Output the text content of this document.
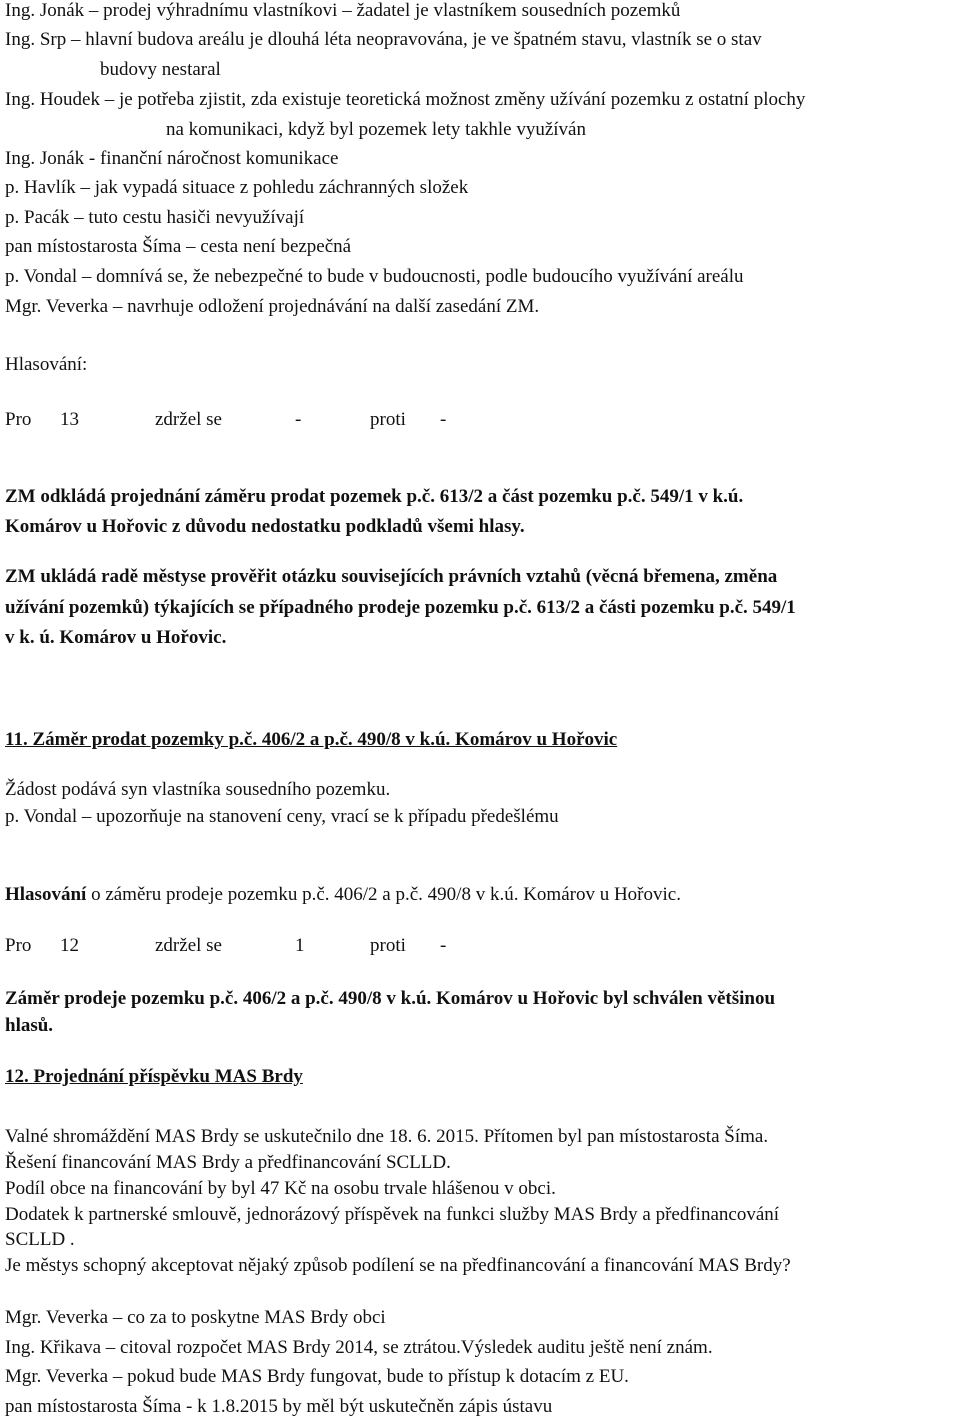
Ing. Jonák – prodej výhradnímu vlastníkovi – žadatel je vlastníkem sousedních pozemků
Ing. Srp – hlavní budova areálu je dlouhá léta neopravována, je ve špatném stavu, vlastník se o stav
budovy nestaral
Ing. Houdek – je potřeba zjistit, zda existuje teoretická možnost změny užívání pozemku z ostatní plochy
na komunikaci, když byl pozemek lety takhle využíván
Ing. Jonák - finanční náročnost komunikace
p. Havlík – jak vypadá situace z pohledu záchranných složek
p. Pacák – tuto cestu hasiči nevyužívají
pan místostarosta Šíma – cesta není bezpečná
p. Vondal – domnívá se, že nebezpečné to bude v budoucnosti, podle budoucího využívání areálu
Mgr. Veverka – navrhuje odložení projednávání na další zasedání ZM.
Hlasování:
Pro 13	zdržel se	-	proti -
ZM odkládá projednání záměru prodat pozemek p.č. 613/2 a část pozemku p.č. 549/1 v k.ú.
Komárov u Hořovic z důvodu nedostatku podkladů všemi hlasy.
ZM ukládá radě městyse prověřit otázku souvisejících právních vztahů (věcná břemena, změna
užívání pozemků) týkajících se případného prodeje pozemku p.č. 613/2 a části pozemku p.č. 549/1
v k. ú. Komárov u Hořovic.
11. Záměr prodat pozemky p.č. 406/2 a p.č. 490/8 v k.ú. Komárov u Hořovic
Žádost podává syn vlastníka sousedního pozemku.
p. Vondal – upozorňuje na stanovení ceny, vrací se k případu předešlému
Hlasování o záměru prodeje pozemku p.č. 406/2 a p.č. 490/8 v k.ú. Komárov u Hořovic.
Pro 12	zdržel se	1	proti -
Záměr prodeje pozemku p.č. 406/2 a p.č. 490/8 v k.ú. Komárov u Hořovic byl schválen většinou
hlasů.
12. Projednání příspěvku MAS Brdy
Valné shromáždění MAS Brdy se uskutečnilo dne 18. 6. 2015. Přítomen byl pan místostarosta Šíma.
Řešení financování MAS Brdy a předfinancování SCLLD.
Podíl obce na financování by byl 47 Kč na osobu trvale hlášenou v obci.
Dodatek k partnerské smlouvě, jednorázový příspěvek na funkci služby MAS Brdy a předfinancování
SCLLD .
Je městys schopný akceptovat nějaký způsob podílení se na předfinancování a financování MAS Brdy?
Mgr. Veverka – co za to poskytne MAS Brdy obci
Ing. Křikava – citoval rozpočet MAS Brdy 2014, se ztrátou.Výsledek auditu ještě není znám.
Mgr. Veverka – pokud bude MAS Brdy fungovat, bude to přístup k dotacím z EU.
pan místostarosta Šíma - k 1.8.2015 by měl být uskutečněn zápis ústavu
